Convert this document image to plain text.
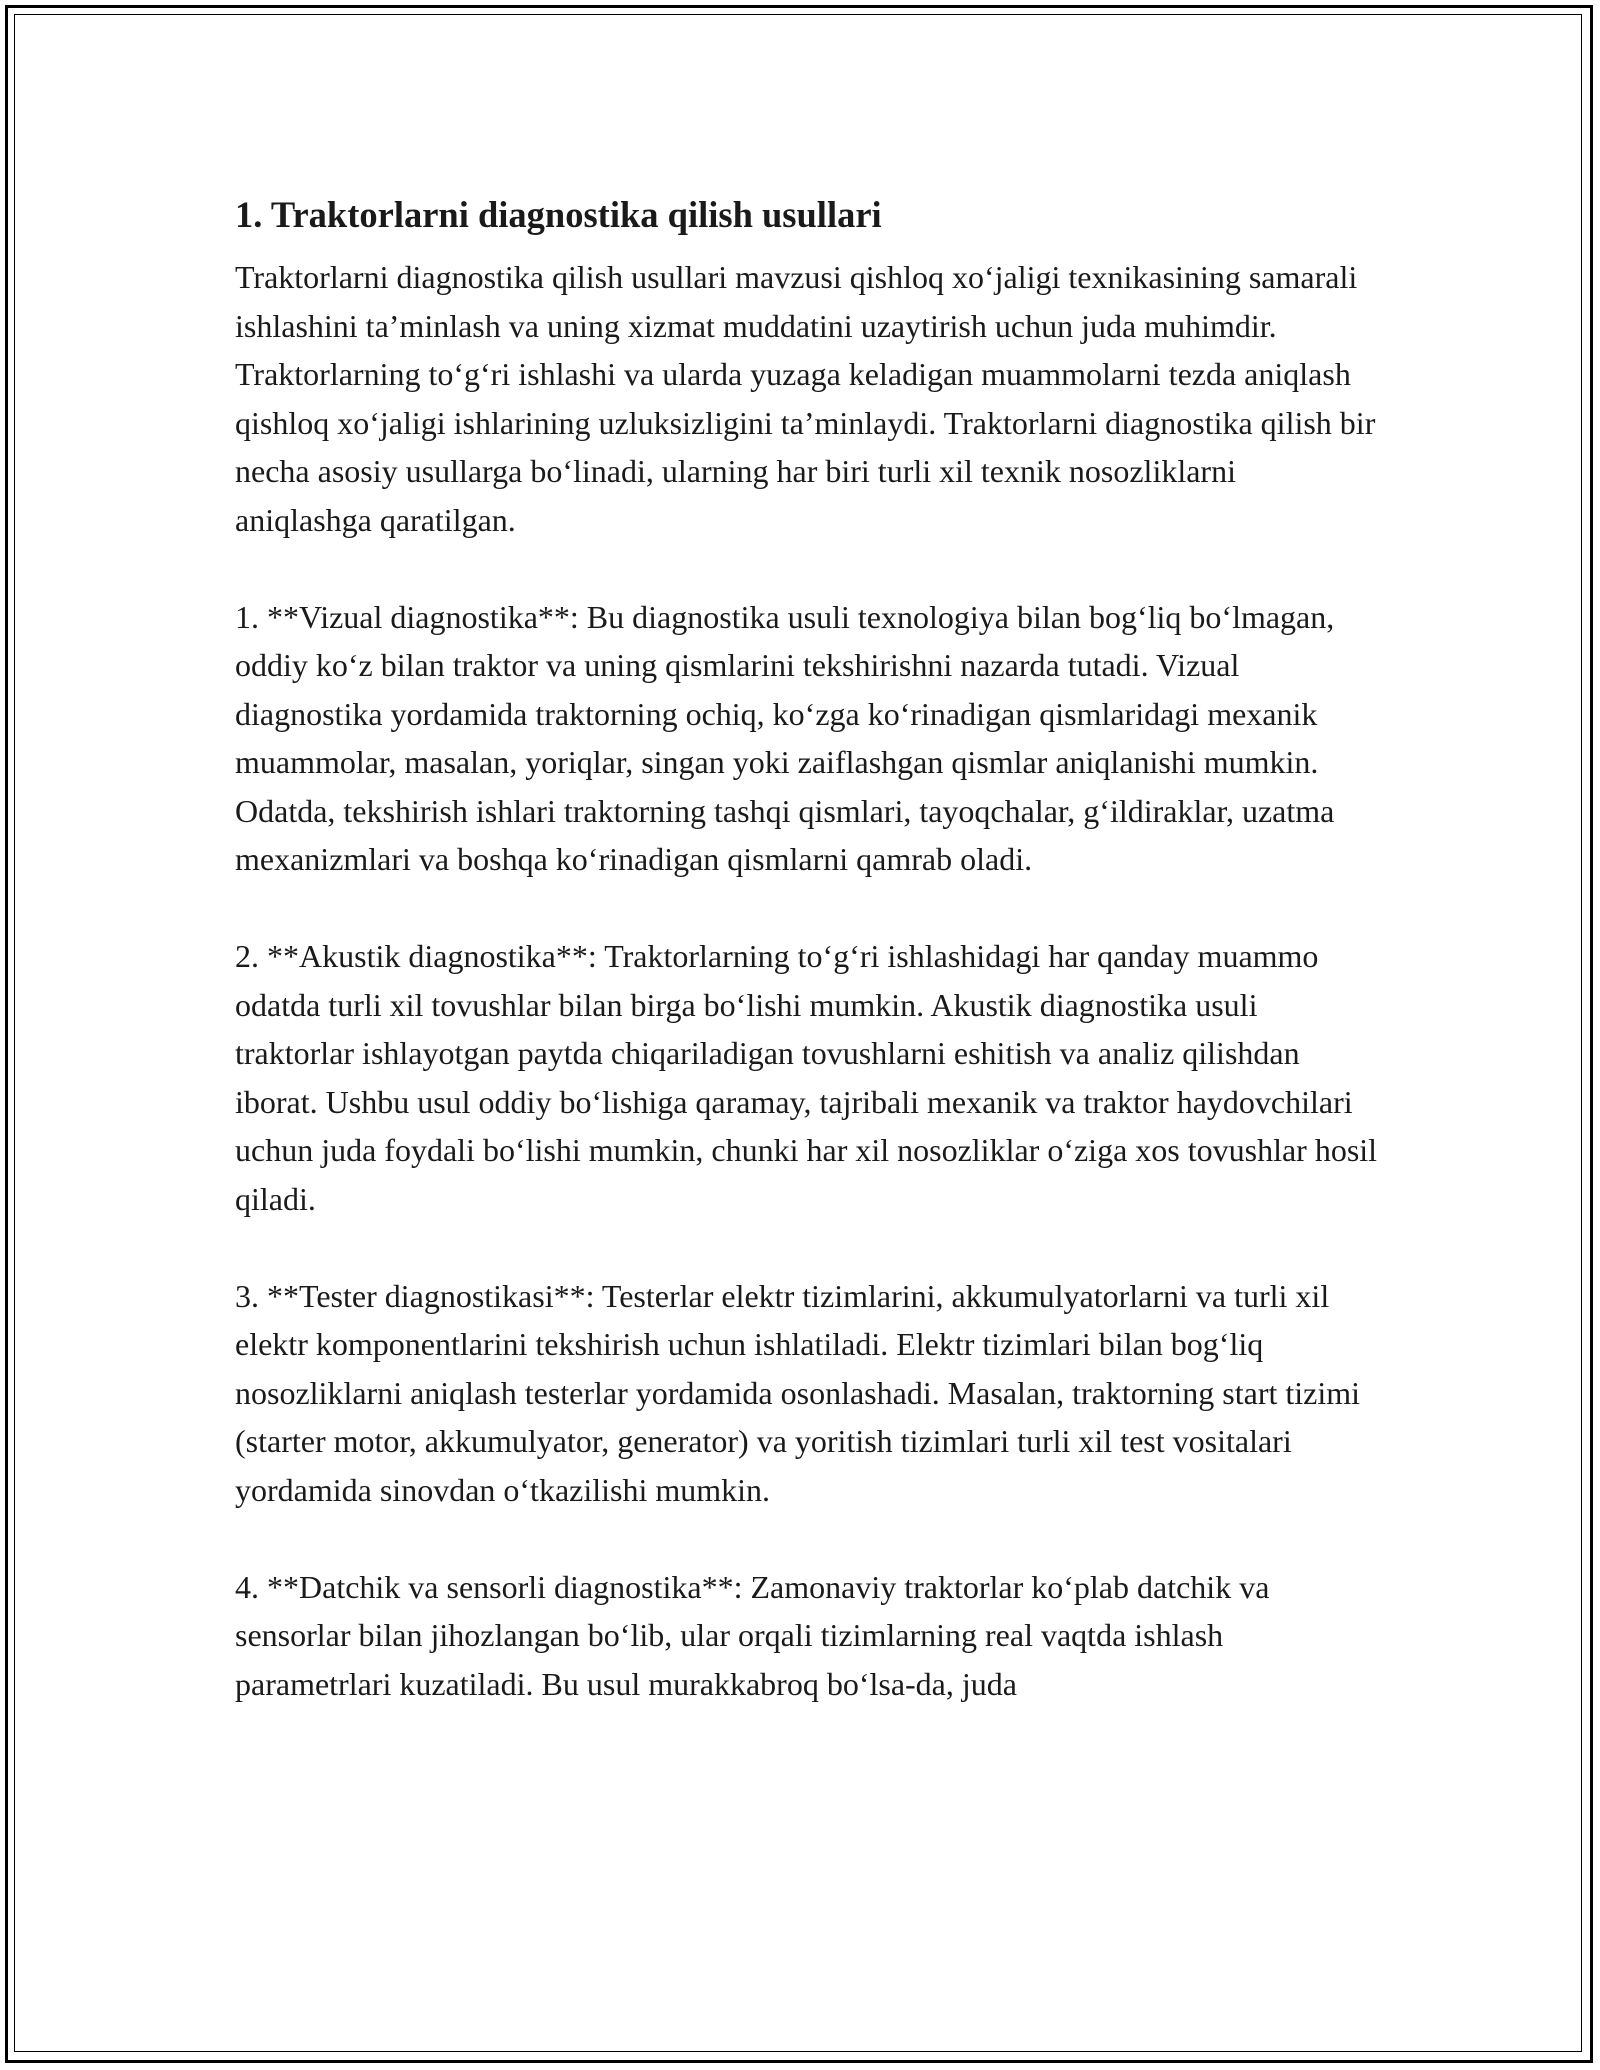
1. Traktorlarni diagnostika qilish usullari

Traktorlarni diagnostika qilish usullari mavzusi qishloq xo‘jaligi texnikasining samarali ishlashini ta’minlash va uning xizmat muddatini uzaytirish uchun juda muhimdir. Traktorlarning to‘g‘ri ishlashi va ularda yuzaga keladigan muammolarni tezda aniqlash qishloq xo‘jaligi ishlarining uzluksizligini ta’minlaydi. Traktorlarni diagnostika qilish bir necha asosiy usullarga bo‘linadi, ularning har biri turli xil texnik nosozliklarni aniqlashga qaratilgan.

1. **Vizual diagnostika**: Bu diagnostika usuli texnologiya bilan bog‘liq bo‘lmagan, oddiy ko‘z bilan traktor va uning qismlarini tekshirishni nazarda tutadi. Vizual diagnostika yordamida traktorning ochiq, ko‘zga ko‘rinadigan qismlaridagi mexanik muammolar, masalan, yoriqlar, singan yoki zaiflashgan qismlar aniqlanishi mumkin. Odatda, tekshirish ishlari traktorning tashqi qismlari, tayoqchalar, g‘ildiraklar, uzatma mexanizmlari va boshqa ko‘rinadigan qismlarni qamrab oladi.

2. **Akustik diagnostika**: Traktorlarning to‘g‘ri ishlashidagi har qanday muammo odatda turli xil tovushlar bilan birga bo‘lishi mumkin. Akustik diagnostika usuli traktorlar ishlayotgan paytda chiqariladigan tovushlarni eshitish va analiz qilishdan iborat. Ushbu usul oddiy bo‘lishiga qaramay, tajribali mexanik va traktor haydovchilari uchun juda foydali bo‘lishi mumkin, chunki har xil nosozliklar o‘ziga xos tovushlar hosil qiladi.

3. **Tester diagnostikasi**: Testerlar elektr tizimlarini, akkumulyatorlarni va turli xil elektr komponentlarini tekshirish uchun ishlatiladi. Elektr tizimlari bilan bog‘liq nosozliklarni aniqlash testerlar yordamida osonlashadi. Masalan, traktorning start tizimi (starter motor, akkumulyator, generator) va yoritish tizimlari turli xil test vositalari yordamida sinovdan o‘tkazilishi mumkin.

4. **Datchik va sensorli diagnostika**: Zamonaviy traktorlar ko‘plab datchik va sensorlar bilan jihozlangan bo‘lib, ular orqali tizimlarning real vaqtda ishlash parametrlari kuzatiladi. Bu usul murakkabroq bo‘lsa-da, juda
